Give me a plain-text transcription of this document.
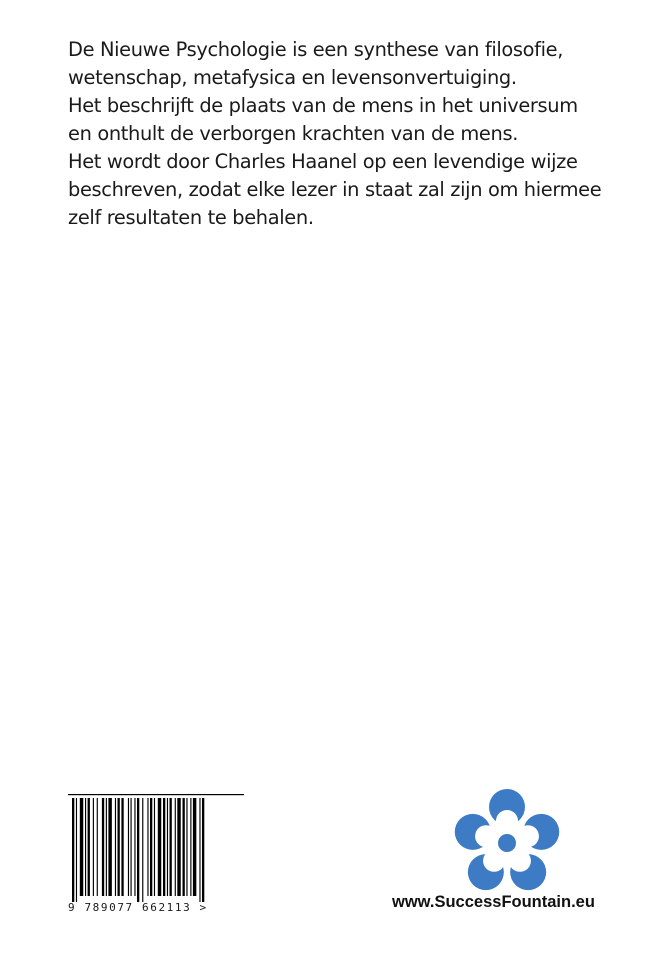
De Nieuwe Psychologie is een synthese van filosofie,

wetenschap, metafysica en levensonvertuiging.

Het beschrijft de plaats van de mens in het universum

en onthult de verborgen krachten van de mens.

Het wordt door Charles Haanel op een levendige wijze

beschreven, zodat elke lezer in staat zal zijn om hiermee

zelf resultaten te behalen.

9 789077 662113 >	www.SuccessFountain.eu
